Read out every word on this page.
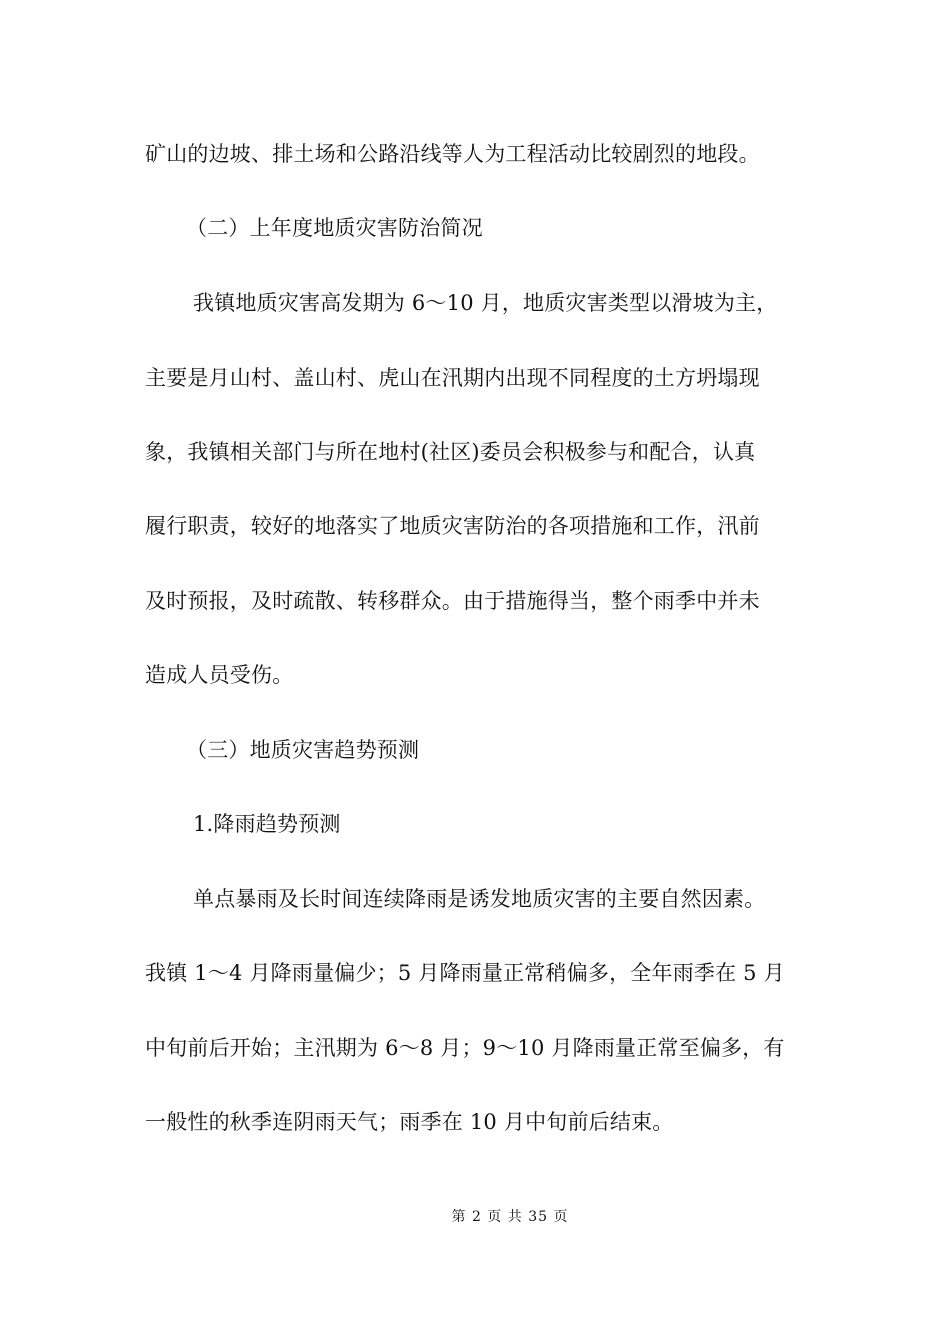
矿山的边坡、排土场和公路沿线等人为工程活动比较剧烈的地段。
（二）上年度地质灾害防治简况
我镇地质灾害高发期为 6～10 月，地质灾害类型以滑坡为主，
主要是月山村、盖山村、虎山在汛期内出现不同程度的土方坍塌现
象，我镇相关部门与所在地村(社区)委员会积极参与和配合，认真
履行职责，较好的地落实了地质灾害防治的各项措施和工作，汛前
及时预报，及时疏散、转移群众。由于措施得当，整个雨季中并未
造成人员受伤。
（三）地质灾害趋势预测
1.降雨趋势预测
单点暴雨及长时间连续降雨是诱发地质灾害的主要自然因素。
我镇 1～4 月降雨量偏少；5 月降雨量正常稍偏多，全年雨季在 5 月
中旬前后开始；主汛期为 6～8 月；9～10 月降雨量正常至偏多，有
一般性的秋季连阴雨天气；雨季在 10 月中旬前后结束。
第 2 页 共 35 页
